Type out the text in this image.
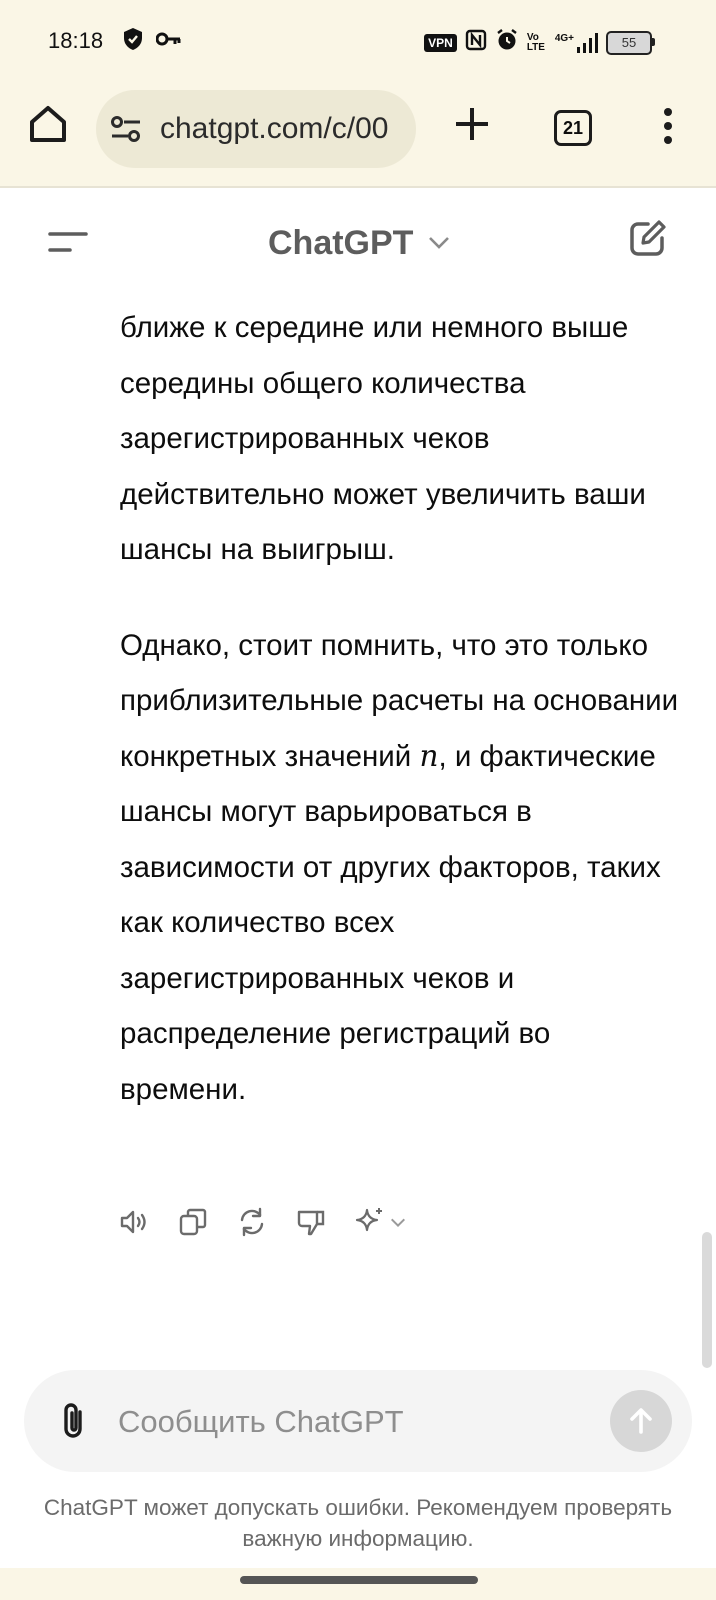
18:18	VPN	Vo LTE
4G+	55
chatgpt.com/c/00	21
ChatGPT

ближе к середине или немного выше середины общего количества зарегистрированных чеков действительно может увеличить ваши шансы на выигрыш.

Однако, стоит помнить, что это только приблизительные расчеты на основании конкретных значений n, и фактические шансы могут варьироваться в зависимости от других факторов, таких как количество всех зарегистрированных чеков и распределение регистраций во времени.

Сообщить ChatGPT
ChatGPT может допускать ошибки. Рекомендуем проверять
важную информацию.
